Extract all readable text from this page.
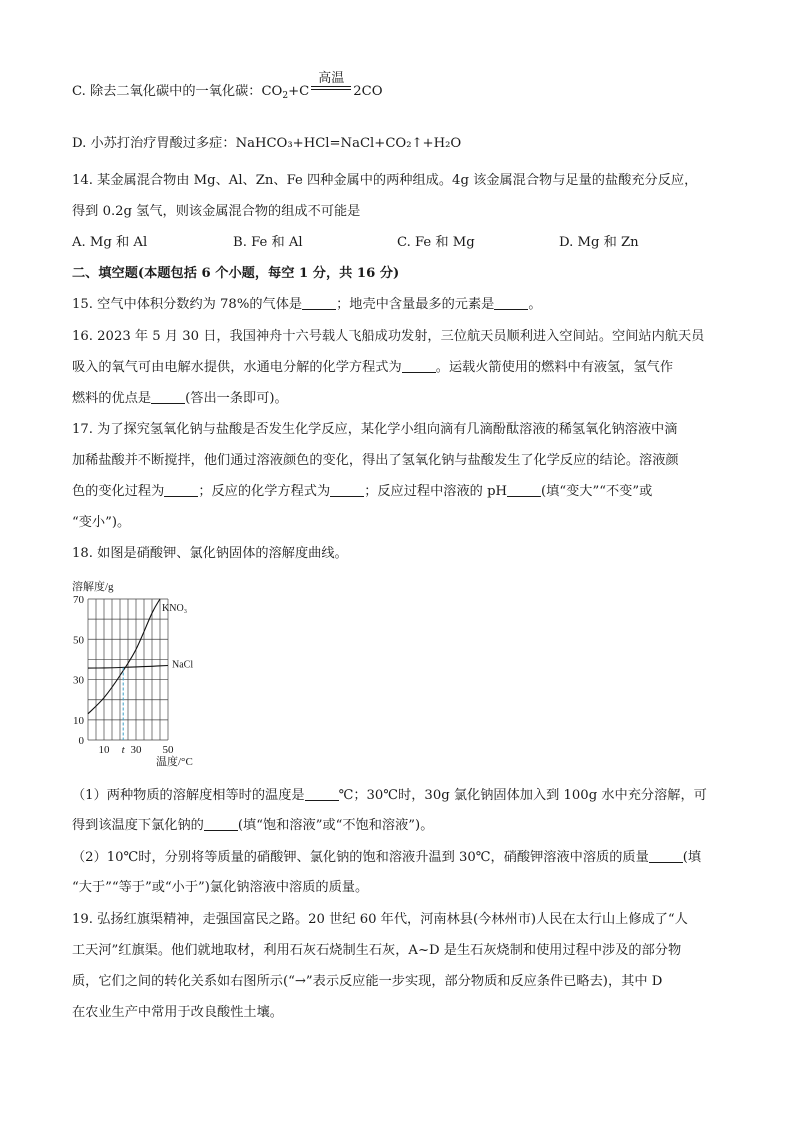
C. 除去二氧化碳中的一氧化碳：$CO_2+C$
高温
2CO
D. 小苏打治疗胃酸过多症：NaHCO₃+HCl=NaCl+CO₂↑+H₂O
14. 某金属混合物由 Mg、Al、Zn、Fe 四种金属中的两种组成。4g 该金属混合物与足量的盐酸充分反应，
得到 0.2g 氢气，则该金属混合物的组成不可能是
A. Mg 和 Al	B. Fe 和 Al	C. Fe 和 Mg	D. Mg 和 Zn
二、填空题(本题包括 6 个小题，每空 1 分，共 16 分)
15. 空气中体积分数约为 78%的气体是	；地壳中含量最多的元素是	。
16. 2023 年 5 月 30 日，我国神舟十六号载人飞船成功发射，三位航天员顺利进入空间站。空间站内航天员
吸入的氧气可由电解水提供，水通电分解的化学方程式为	。运载火箭使用的燃料中有液氢，氢气作
燃料的优点是	(答出一条即可)。
17. 为了探究氢氧化钠与盐酸是否发生化学反应，某化学小组向滴有几滴酚酞溶液的稀氢氧化钠溶液中滴
加稀盐酸并不断搅拌，他们通过溶液颜色的变化，得出了氢氧化钠与盐酸发生了化学反应的结论。溶液颜
色的变化过程为	；反应的化学方程式为	；反应过程中溶液的 pH	(填“变大”“不变”或
“变小”)。
18. 如图是硝酸钾、氯化钠固体的溶解度曲线。
溶解度/g
温度/°C
0
10
30
50
70
10 t 30 50
KNO₃
NaCl
（1）两种物质的溶解度相等时的温度是	℃；30℃时，30g 氯化钠固体加入到 100g 水中充分溶解，可
得到该温度下氯化钠的	(填“饱和溶液”或“不饱和溶液”)。
（2）10℃时，分别将等质量的硝酸钾、氯化钠的饱和溶液升温到 30℃，硝酸钾溶液中溶质的质量	(填
“大于”“等于”或“小于”)氯化钠溶液中溶质的质量。
19. 弘扬红旗渠精神，走强国富民之路。20 世纪 60 年代，河南林县(今林州市)人民在太行山上修成了“人
工天河”红旗渠。他们就地取材，利用石灰石烧制生石灰，A~D 是生石灰烧制和使用过程中涉及的部分物
质，它们之间的转化关系如右图所示(“→”表示反应能一步实现，部分物质和反应条件已略去)，其中 D
在农业生产中常用于改良酸性土壤。
